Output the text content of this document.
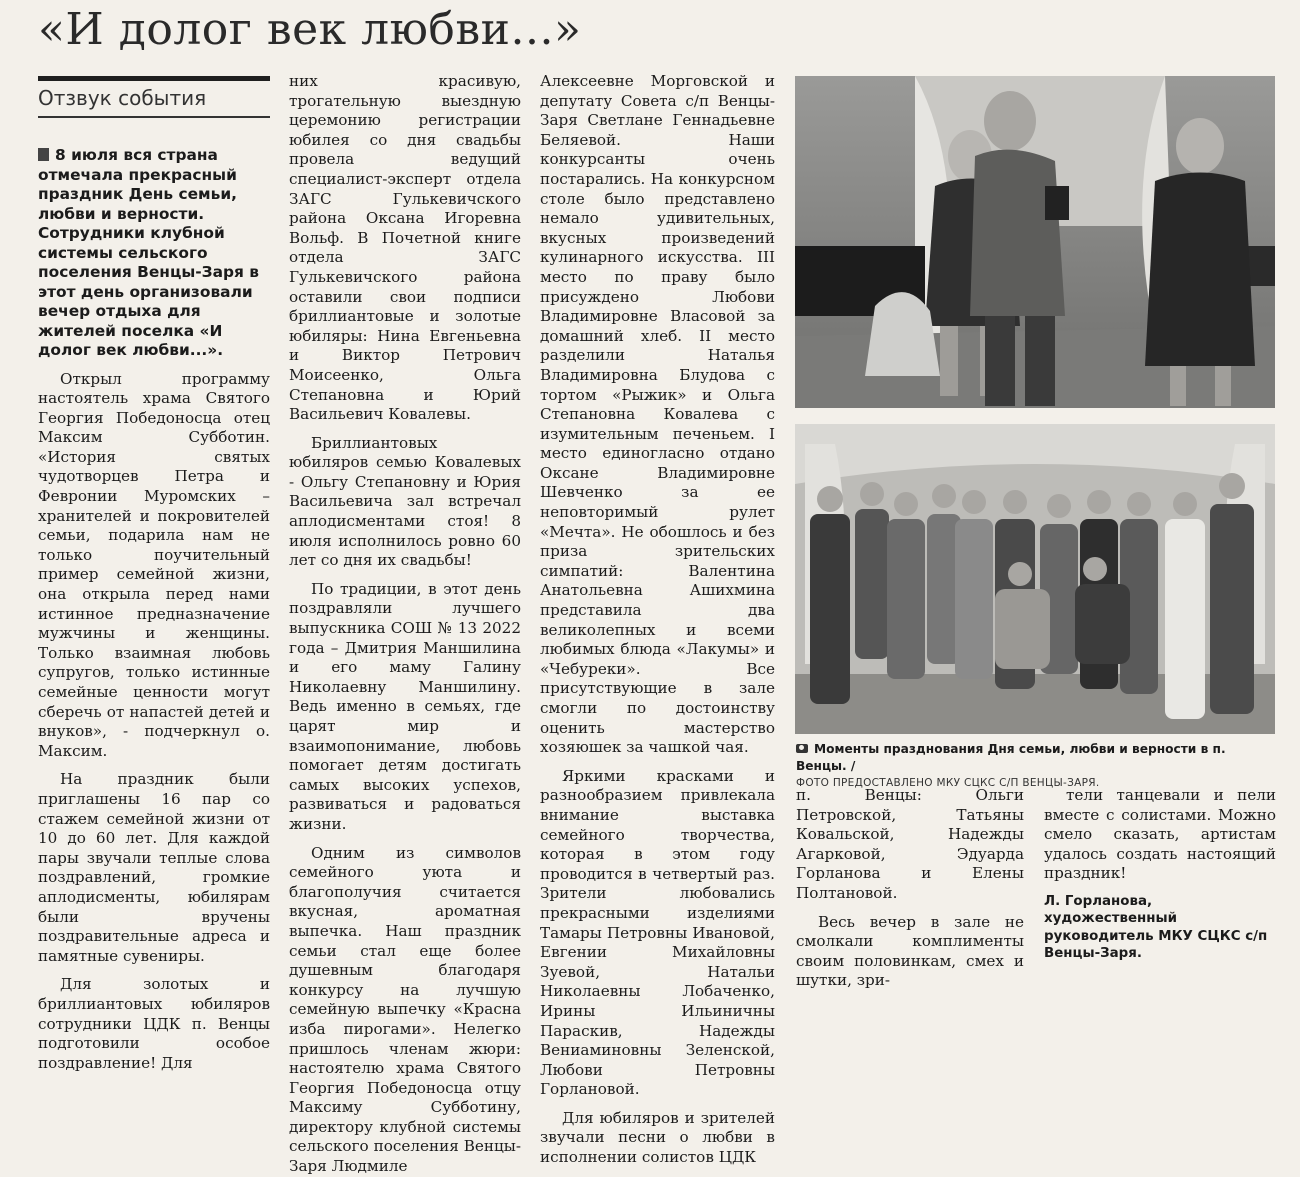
«И долог век любви...»
Отзвук события

8 июля вся страна отмечала прекрасный праздник День семьи, любви и верности. Сотрудники клубной системы сельского поселения Венцы-Заря в этот день организовали вечер отдыха для жителей поселка «И долог век любви...».

Открыл программу настоятель храма Святого Георгия Победоносца отец Максим Субботин. «История святых чудотворцев Петра и Февронии Муромских – хранителей и покровителей семьи, подарила нам не только поучительный пример семейной жизни, она открыла перед нами истинное предназначение мужчины и женщины. Только взаимная любовь супругов, только истинные семейные ценности могут сберечь от напастей детей и внуков», - подчеркнул о. Максим.

На праздник были приглашены 16 пар со стажем семейной жизни от 10 до 60 лет. Для каждой пары звучали теплые слова поздравлений, громкие аплодисменты, юбилярам были вручены поздравительные адреса и памятные сувениры.

Для золотых и бриллиантовых юбиляров сотрудники ЦДК п. Венцы подготовили особое поздравление! Для

них красивую, трогательную выездную церемонию регистрации юбилея со дня свадьбы провела ведущий специалист-эксперт отдела ЗАГС Гулькевичского района Оксана Игоревна Вольф. В Почетной книге отдела ЗАГС Гулькевичского района оставили свои подписи бриллиантовые и золотые юбиляры: Нина Евгеньевна и Виктор Петрович Моисеенко, Ольга Степановна и Юрий Васильевич Ковалевы.

Бриллиантовых юбиляров семью Ковалевых - Ольгу Степановну и Юрия Васильевича зал встречал аплодисментами стоя! 8 июля исполнилось ровно 60 лет со дня их свадьбы!

По традиции, в этот день поздравляли лучшего выпускника СОШ № 13 2022 года – Дмитрия Маншилина и его маму Галину Николаевну Маншилину. Ведь именно в семьях, где царят мир и взаимопонимание, любовь помогает детям достигать самых высоких успехов, развиваться и радоваться жизни.

Одним из символов семейного уюта и благополучия считается вкусная, ароматная выпечка. Наш праздник семьи стал еще более душевным благодаря конкурсу на лучшую семейную выпечку «Красна изба пирогами». Нелегко пришлось членам жюри: настоятелю храма Святого Георгия Победоносца отцу Максиму Субботину, директору клубной системы сельского поселения Венцы-Заря Людмиле

Алексеевне Морговской и депутату Совета с/п Венцы-Заря Светлане Геннадьевне Беляевой. Наши конкурсанты очень постарались. На конкурсном столе было представлено немало удивительных, вкусных произведений кулинарного искусства. III место по праву было присуждено Любови Владимировне Власовой за домашний хлеб. II место разделили Наталья Владимировна Блудова с тортом «Рыжик» и Ольга Степановна Ковалева с изумительным печеньем. I место единогласно отдано Оксане Владимировне Шевченко за ее неповторимый рулет «Мечта». Не обошлось и без приза зрительских симпатий: Валентина Анатольевна Ашихмина представила два великолепных и всеми любимых блюда «Лакумы» и «Чебуреки». Все присутствующие в зале смогли по достоинству оценить мастерство хозяюшек за чашкой чая.

Яркими красками и разнообразием привлекала внимание выставка семейного творчества, которая в этом году проводится в четвертый раз. Зрители любовались прекрасными изделиями Тамары Петровны Ивановой, Евгении Михайловны Зуевой, Натальи Николаевны Лобаченко, Ирины Ильиничны Параскив, Надежды Вениаминовны Зеленской, Любови Петровны Горлановой.

Для юбиляров и зрителей звучали песни о любви в исполнении солистов ЦДК

Моменты празднования Дня семьи, любви и верности в п. Венцы. /
ФОТО ПРЕДОСТАВЛЕНО МКУ СЦКС С/П ВЕНЦЫ-ЗАРЯ.

п. Венцы: Ольги Петровской, Татьяны Ковальской, Надежды Агарковой, Эдуарда Горланова и Елены Полтановой.

Весь вечер в зале не смолкали комплименты своим половинкам, смех и шутки, зри-

тели танцевали и пели вместе с солистами. Можно смело сказать, артистам удалось создать настоящий праздник!

Л. Горланова, художественный руководитель МКУ СЦКС с/п Венцы-Заря.
